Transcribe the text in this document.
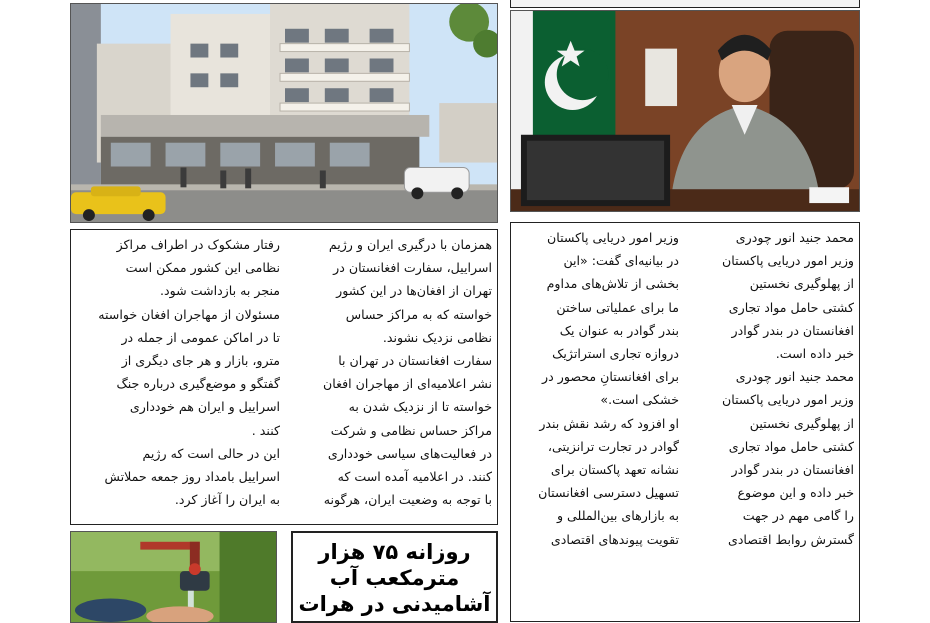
محمد جنید انور چودری

وزیر امور دریایی پاکستان

از پهلوگیری نخستین

کشتی حامل مواد تجاری

افغانستان در بندر گوادر

خبر داده است.

محمد جنید انور چودری

وزیر امور دریایی پاکستان

از پهلوگیری نخستین

کشتی حامل مواد تجاری

افغانستان در بندر گوادر

خبر داده و این موضوع

را گامی مهم در جهت

گسترش روابط اقتصادی

وزیر امور دریایی پاکستان

در بیانیه‌ای گفت: «این

بخشی از تلاش‌های مداوم

ما برای عملیاتی ساختن

بندر گوادر به عنوان یک

دروازه تجاری استراتژیک

برای افغانستانِ محصور در

خشکی است.»

او افزود که رشد نقش بندر

گوادر در تجارت ترانزیتی،

نشانه تعهد پاکستان برای

تسهیل دسترسی افغانستان

به بازارهای بین‌المللی و

تقویت پیوندهای اقتصادی

همزمان با درگیری ایران و رژیم

اسراییل، سفارت افغانستان در

تهران از افغان‌ها در این کشور

خواسته که به مراکز حساس

نظامی نزدیک نشوند.

سفارت افغانستان در تهران با

نشر اعلامیه‌ای از مهاجران افغان

خواسته تا از نزدیک شدن به

مراکز حساس نظامی و شرکت

در فعالیت‌های سیاسی خودداری

کنند. در اعلامیه آمده است که

با توجه به وضعیت ایران، هرگونه

رفتار مشکوک در اطراف مراکز

نظامی این کشور ممکن است

منجر به بازداشت شود.

مسئولان از مهاجران افغان خواسته

تا در اماکن عمومی از جمله در

مترو، بازار و هر جای دیگری از

گفتگو و موضع‌گیری درباره جنگ

اسراییل و ایران هم خودداری

کنند .

این در حالی است که رژیم

اسراییل بامداد روز جمعه حملاتش

به ایران را آغاز کرد.

روزانه ۷۵ هزار
مترمکعب آب
آشامیدنی در هرات
